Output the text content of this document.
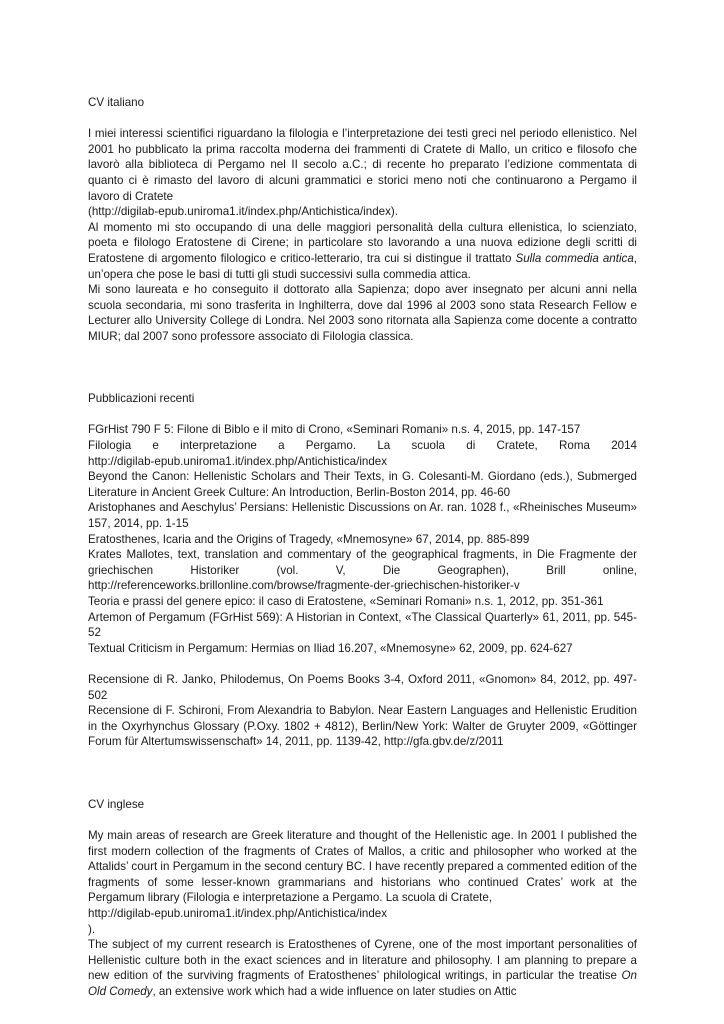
CV italiano

I miei interessi scientifici riguardano la filologia e l’interpretazione dei testi greci nel periodo ellenistico. Nel 2001 ho pubblicato la prima raccolta moderna dei frammenti di Cratete di Mallo, un critico e filosofo che lavorò alla biblioteca di Pergamo nel II secolo a.C.; di recente ho preparato l’edizione commentata di quanto ci è rimasto del lavoro di alcuni grammatici e storici meno noti che continuarono a Pergamo il lavoro di Cratete
(http://digilab-epub.uniroma1.it/index.php/Antichistica/index).

Al momento mi sto occupando di una delle maggiori personalità della cultura ellenistica, lo scienziato, poeta e filologo Eratostene di Cirene; in particolare sto lavorando a una nuova edizione degli scritti di Eratostene di argomento filologico e critico-letterario, tra cui si distingue il trattato Sulla commedia antica, un’opera che pose le basi di tutti gli studi successivi sulla commedia attica.

Mi sono laureata e ho conseguito il dottorato alla Sapienza; dopo aver insegnato per alcuni anni nella scuola secondaria, mi sono trasferita in Inghilterra, dove dal 1996 al 2003 sono stata Research Fellow e Lecturer allo University College di Londra. Nel 2003 sono ritornata alla Sapienza come docente a contratto MIUR; dal 2007 sono professore associato di Filologia classica.

Pubblicazioni recenti

FGrHist 790 F 5: Filone di Biblo e il mito di Crono, «Seminari Romani» n.s. 4, 2015, pp. 147-157

Filologia e interpretazione a Pergamo. La scuola di Cratete, Roma 2014

http://digilab-epub.uniroma1.it/index.php/Antichistica/index

Beyond the Canon: Hellenistic Scholars and Their Texts, in G. Colesanti-M. Giordano (eds.), Submerged Literature in Ancient Greek Culture: An Introduction, Berlin-Boston 2014, pp. 46-60

Aristophanes and Aeschylus’ Persians: Hellenistic Discussions on Ar. ran. 1028 f., «Rheinisches Museum» 157, 2014, pp. 1-15

Eratosthenes, Icaria and the Origins of Tragedy, «Mnemosyne» 67, 2014, pp. 885-899

Krates Mallotes, text, translation and commentary of the geographical fragments, in Die Fragmente der griechischen Historiker (vol. V, Die Geographen), Brill online,

http://referenceworks.brillonline.com/browse/fragmente-der-griechischen-historiker-v

Teoria e prassi del genere epico: il caso di Eratostene, «Seminari Romani» n.s. 1, 2012, pp. 351-361

Artemon of Pergamum (FGrHist 569): A Historian in Context, «The Classical Quarterly» 61, 2011, pp. 545-52

Textual Criticism in Pergamum: Hermias on Iliad 16.207, «Mnemosyne» 62, 2009, pp. 624-627

Recensione di R. Janko, Philodemus, On Poems Books 3-4, Oxford 2011, «Gnomon» 84, 2012, pp. 497-502

Recensione di F. Schironi, From Alexandria to Babylon. Near Eastern Languages and Hellenistic Erudition in the Oxyrhynchus Glossary (P.Oxy. 1802 + 4812), Berlin/New York: Walter de Gruyter 2009, «Göttinger Forum für Altertumswissenschaft» 14, 2011, pp. 1139-42, http://gfa.gbv.de/z/2011

CV inglese

My main areas of research are Greek literature and thought of the Hellenistic age. In 2001 I published the first modern collection of the fragments of Crates of Mallos, a critic and philosopher who worked at the Attalids’ court in Pergamum in the second century BC. I have recently prepared a commented edition of the fragments of some lesser-known grammarians and historians who continued Crates’ work at the Pergamum library (Filologia e interpretazione a Pergamo. La scuola di Cratete,
http://digilab-epub.uniroma1.it/index.php/Antichistica/index
).

The subject of my current research is Eratosthenes of Cyrene, one of the most important personalities of Hellenistic culture both in the exact sciences and in literature and philosophy. I am planning to prepare a new edition of the surviving fragments of Eratosthenes’ philological writings, in particular the treatise On Old Comedy, an extensive work which had a wide influence on later studies on Attic
